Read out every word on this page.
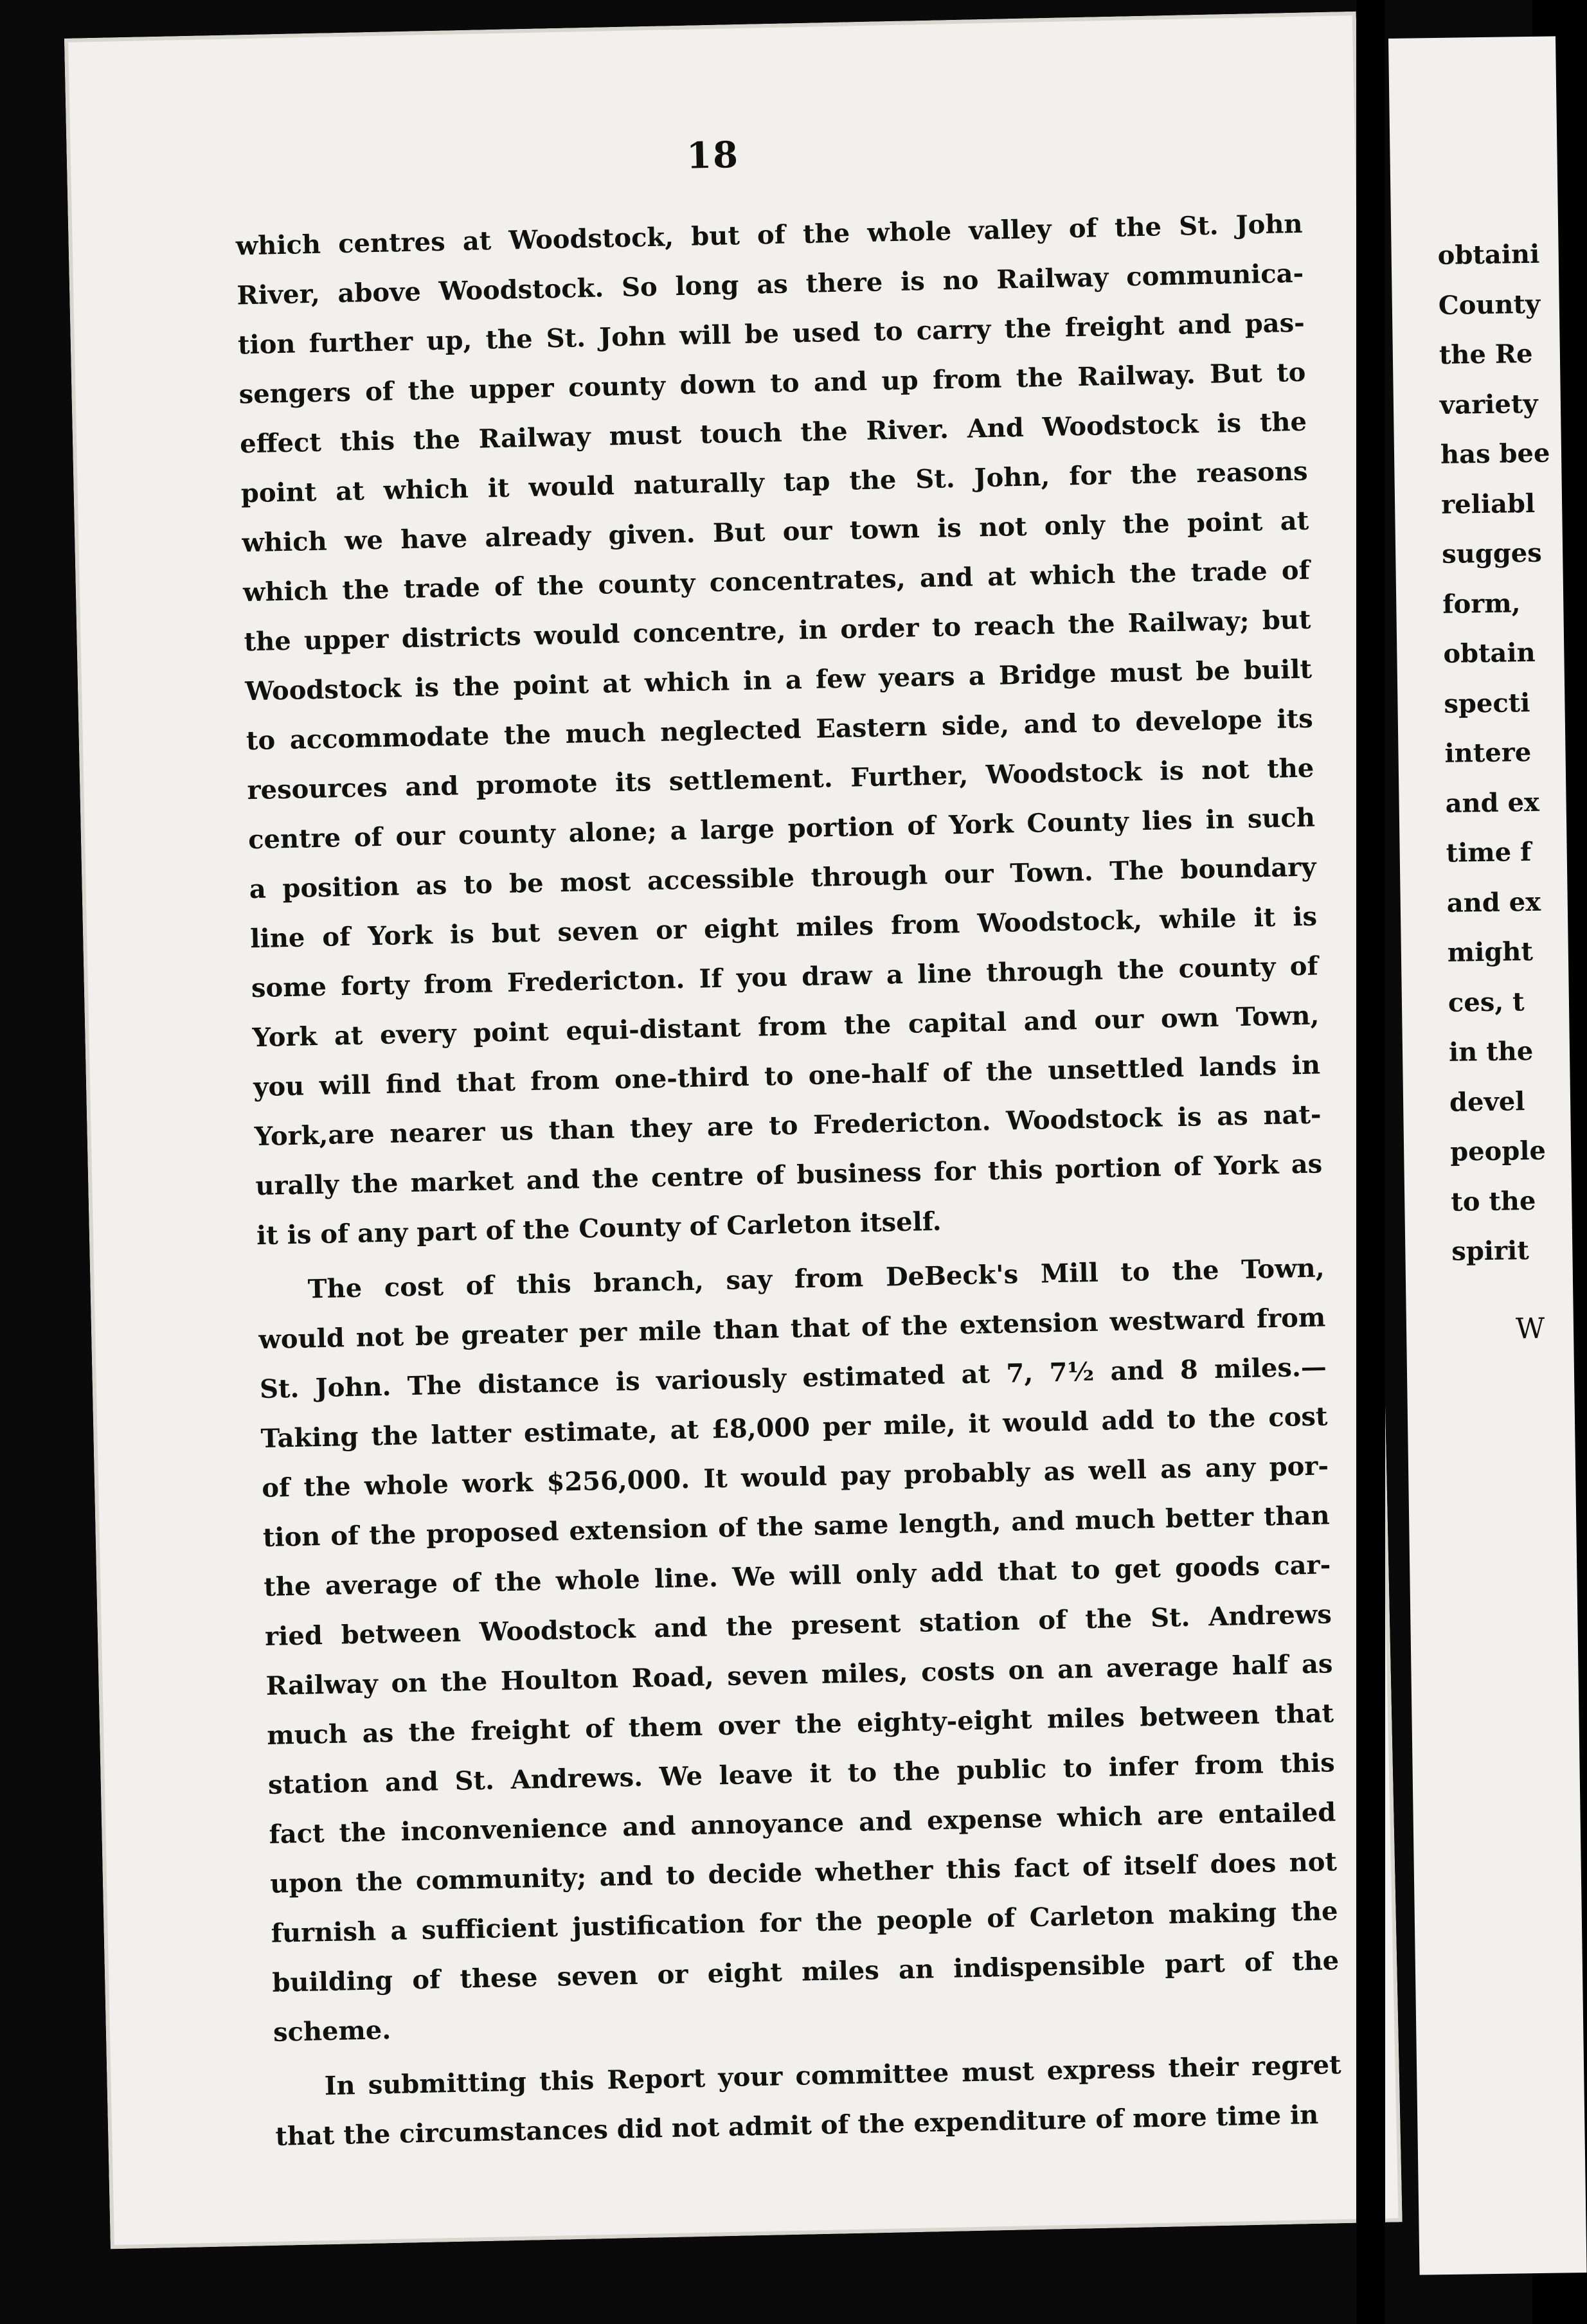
18
which centres at Woodstock, but of the whole valley of the St. John
River, above Woodstock. So long as there is no Railway communica-
tion further up, the St. John will be used to carry the freight and pas-
sengers of the upper county down to and up from the Railway. But to
effect this the Railway must touch the River. And Woodstock is the
point at which it would naturally tap the St. John, for the reasons
which we have already given. But our town is not only the point at
which the trade of the county concentrates, and at which the trade of
the upper districts would concentre, in order to reach the Railway; but
Woodstock is the point at which in a few years a Bridge must be built
to accommodate the much neglected Eastern side, and to develope its
resources and promote its settlement. Further, Woodstock is not the
centre of our county alone; a large portion of York County lies in such
a position as to be most accessible through our Town. The boundary
line of York is but seven or eight miles from Woodstock, while it is
some forty from Fredericton. If you draw a line through the county of
York at every point equi-distant from the capital and our own Town,
you will find that from one-third to one-half of the unsettled lands in
York,are nearer us than they are to Fredericton. Woodstock is as nat-
urally the market and the centre of business for this portion of York as
it is of any part of the County of Carleton itself.
The cost of this branch, say from DeBeck's Mill to the Town,
would not be greater per mile than that of the extension westward from
St. John. The distance is variously estimated at 7, 7½ and 8 miles.—
Taking the latter estimate, at £8,000 per mile, it would add to the cost
of the whole work $256,000. It would pay probably as well as any por-
tion of the proposed extension of the same length, and much better than
the average of the whole line. We will only add that to get goods car-
ried between Woodstock and the present station of the St. Andrews
Railway on the Houlton Road, seven miles, costs on an average half as
much as the freight of them over the eighty-eight miles between that
station and St. Andrews. We leave it to the public to infer from this
fact the inconvenience and annoyance and expense which are entailed
upon the community; and to decide whether this fact of itself does not
furnish a sufficient justification for the people of Carleton making the
building of these seven or eight miles an indispensible part of the
scheme.
In submitting this Report your committee must express their regret
that the circumstances did not admit of the expenditure of more time in
obtaini
County
the Re
variety
has bee
reliabl
sugges
form,
obtain
specti
intere
and ex
time f
and ex
might
ces, t
in the
devel
people
to the
spirit
W
